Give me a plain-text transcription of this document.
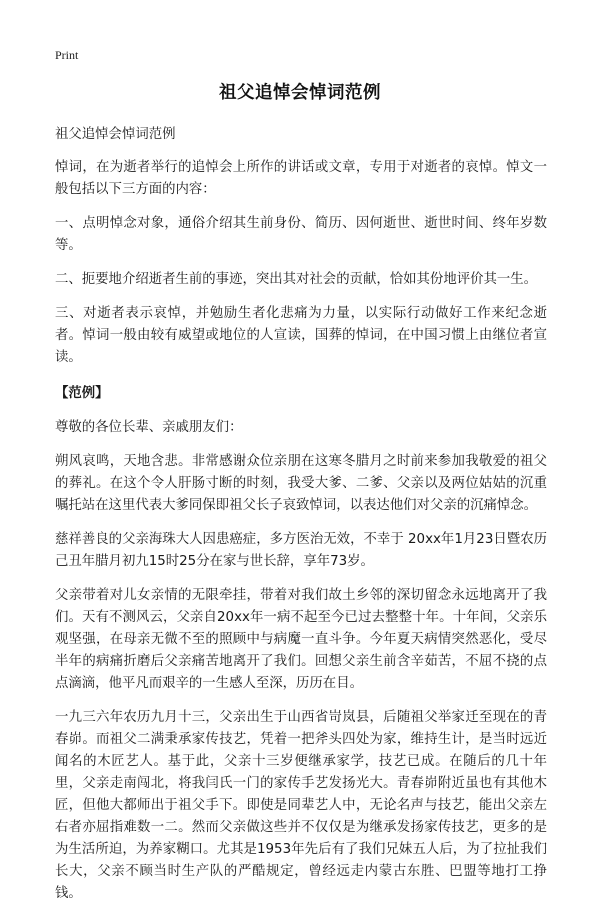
Print
祖父追悼会悼词范例

祖父追悼会悼词范例

悼词，在为逝者举行的追悼会上所作的讲话或文章，专用于对逝者的哀悼。悼文一般包括以下三方面的内容：

一、点明悼念对象，通俗介绍其生前身份、简历、因何逝世、逝世时间、终年岁数等。

二、扼要地介绍逝者生前的事迹，突出其对社会的贡献，恰如其份地评价其一生。

三、对逝者表示哀悼，并勉励生者化悲痛为力量，以实际行动做好工作来纪念逝者。悼词一般由较有威望或地位的人宣读，国葬的悼词，在中国习惯上由继位者宣读。

【范例】

尊敬的各位长辈、亲戚朋友们：

朔风哀鸣，天地含悲。非常感谢众位亲朋在这寒冬腊月之时前来参加我敬爱的祖父的葬礼。在这个令人肝肠寸断的时刻，我受大爹、二爹、父亲以及两位姑姑的沉重嘱托站在这里代表大爹同保即祖父长子哀致悼词，以表达他们对父亲的沉痛悼念。

慈祥善良的父亲海珠大人因患癌症，多方医治无效，不幸于 20xx年1月23日暨农历己丑年腊月初九15时25分在家与世长辞，享年73岁。

父亲带着对儿女亲情的无限牵挂，带着对我们故土乡邻的深切留念永远地离开了我们。天有不测风云，父亲自20xx年一病不起至今已过去整整十年。十年间，父亲乐观坚强，在母亲无微不至的照顾中与病魔一直斗争。今年夏天病情突然恶化，受尽半年的病痛折磨后父亲痛苦地离开了我们。回想父亲生前含辛茹苦，不屈不挠的点点滴滴，他平凡而艰辛的一生感人至深，历历在目。

一九三六年农历九月十三，父亲出生于山西省岢岚县，后随祖父举家迁至现在的青春峁。而祖父二满秉承家传技艺，凭着一把斧头四处为家，维持生计，是当时远近闻名的木匠艺人。基于此，父亲十三岁便继承家学，技艺已成。在随后的几十年里，父亲走南闯北，将我闫氏一门的家传手艺发扬光大。青春峁附近虽也有其他木匠，但他大都师出于祖父手下。即使是同辈艺人中，无论名声与技艺，能出父亲左右者亦屈指难数一二。然而父亲做这些并不仅仅是为继承发扬家传技艺，更多的是为生活所迫，为养家糊口。尤其是1953年先后有了我们兄妹五人后，为了拉扯我们长大，父亲不顾当时生产队的严酷规定，曾经远走内蒙古东胜、巴盟等地打工挣钱。
